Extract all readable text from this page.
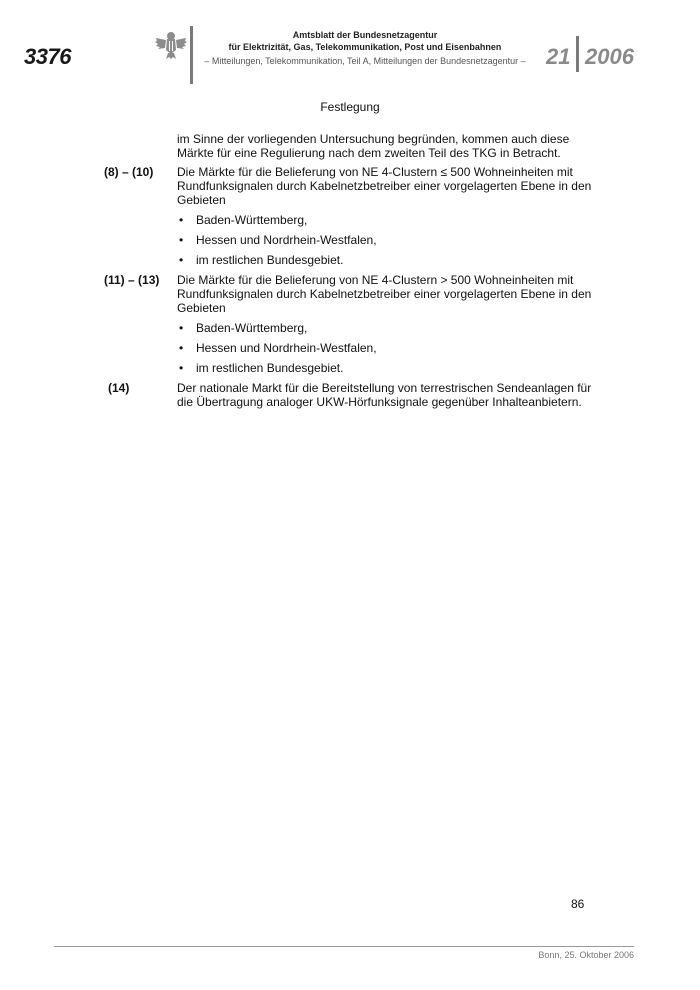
3376
Amtsblatt der Bundesnetzagentur
für Elektrizität, Gas, Telekommunikation, Post und Eisenbahnen
– Mitteilungen, Telekommunikation, Teil A, Mitteilungen der Bundesnetzagentur – 21 2006
Festlegung
im Sinne der vorliegenden Untersuchung begründen, kommen auch diese
Märkte für eine Regulierung nach dem zweiten Teil des TKG in Betracht.
(8) – (10) Die Märkte für die Belieferung von NE 4-Clustern ≤ 500 Wohneinheiten mit
Rundfunksignalen durch Kabelnetzbetreiber einer vorgelagerten Ebene in den
Gebieten
• Baden-Württemberg,
• Hessen und Nordrhein-Westfalen,
• im restlichen Bundesgebiet.
(11) – (13) Die Märkte für die Belieferung von NE 4-Clustern > 500 Wohneinheiten mit
Rundfunksignalen durch Kabelnetzbetreiber einer vorgelagerten Ebene in den
Gebieten
• Baden-Württemberg,
• Hessen und Nordrhein-Westfalen,
• im restlichen Bundesgebiet.
(14)	Der nationale Markt für die Bereitstellung von terrestrischen Sendeanlagen für
die Übertragung analoger UKW-Hörfunksignale gegenüber Inhalteanbietern.
86
Bonn, 25. Oktober 2006
